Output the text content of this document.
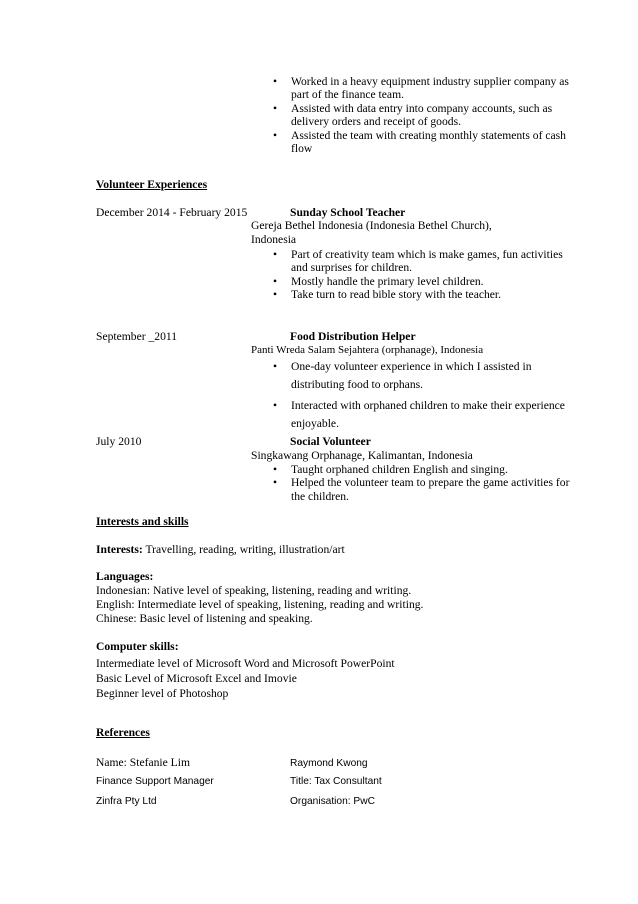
• Worked in a heavy equipment industry supplier company as part of the finance team.
• Assisted with data entry into company accounts, such as delivery orders and receipt of goods.
• Assisted the team with creating monthly statements of cash flow
Volunteer Experiences
December 2014 - February 2015	Sunday School Teacher
Gereja Bethel Indonesia (Indonesia Bethel Church),
Indonesia
• Part of creativity team which is make games, fun activities and surprises for children.
• Mostly handle the primary level children.
• Take turn to read bible story with the teacher.
September _2011	Food Distribution Helper
Panti Wreda Salam Sejahtera (orphanage), Indonesia
• One-day volunteer experience in which I assisted in distributing food to orphans.
• Interacted with orphaned children to make their experience enjoyable.
July 2010	Social Volunteer
Singkawang Orphanage, Kalimantan, Indonesia
• Taught orphaned children English and singing.
• Helped the volunteer team to prepare the game activities for the children.
Interests and skills
Interests: Travelling, reading, writing, illustration/art
Languages:
Indonesian: Native level of speaking, listening, reading and writing.
English: Intermediate level of speaking, listening, reading and writing.
Chinese: Basic level of listening and speaking.
Computer skills:
Intermediate level of Microsoft Word and Microsoft PowerPoint
Basic Level of Microsoft Excel and Imovie
Beginner level of Photoshop
References
Name: Stefanie Lim	Raymond Kwong
Finance Support Manager	Title: Tax Consultant
Zinfra Pty Ltd	Organisation: PwC
